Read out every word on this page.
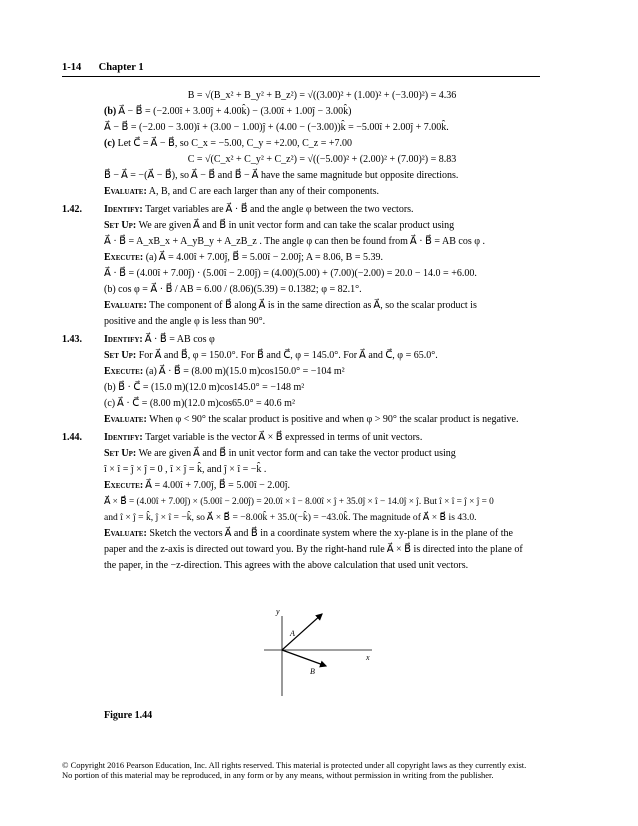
1-14 Chapter 1
B = √(B_x² + B_y² + B_z²) = √((3.00)² + (1.00)² + (−3.00)²) = 4.36
(b) A⃗ − B⃗ = (−2.00î + 3.00ĵ + 4.00k̂) − (3.00î + 1.00ĵ − 3.00k̂)
A⃗ − B⃗ = (−2.00 − 3.00)î + (3.00 − 1.00)ĵ + (4.00 − (−3.00))k̂ = −5.00î + 2.00ĵ + 7.00k̂.
(c) Let C⃗ = A⃗ − B⃗, so C_x = −5.00, C_y = +2.00, C_z = +7.00
C = √(C_x² + C_y² + C_z²) = √((−5.00)² + (2.00)² + (7.00)²) = 8.83
B⃗ − A⃗ = −(A⃗ − B⃗), so A⃗ − B⃗ and B⃗ − A⃗ have the same magnitude but opposite directions.
Evaluate: A, B, and C are each larger than any of their components.
1.42. Identify: Target variables are A⃗ · B⃗ and the angle φ between the two vectors.
Set Up: We are given A⃗ and B⃗ in unit vector form and can take the scalar product using
A⃗ · B⃗ = A_xB_x + A_yB_y + A_zB_z . The angle φ can then be found from A⃗ · B⃗ = AB cos φ .
Execute: (a) A⃗ = 4.00î + 7.00ĵ, B⃗ = 5.00î − 2.00ĵ; A = 8.06, B = 5.39.
A⃗ · B⃗ = (4.00î + 7.00ĵ) · (5.00î − 2.00ĵ) = (4.00)(5.00) + (7.00)(−2.00) = 20.0 − 14.0 = +6.00.
(b) cos φ = A⃗ · B⃗ / AB = 6.00 / (8.06)(5.39) = 0.1382; φ = 82.1°.
Evaluate: The component of B⃗ along A⃗ is in the same direction as A⃗, so the scalar product is
positive and the angle φ is less than 90°.
1.43. Identify: A⃗ · B⃗ = AB cos φ
Set Up: For A⃗ and B⃗, φ = 150.0°. For B⃗ and C⃗, φ = 145.0°. For A⃗ and C⃗, φ = 65.0°.
Execute: (a) A⃗ · B⃗ = (8.00 m)(15.0 m)cos150.0° = −104 m²
(b) B⃗ · C⃗ = (15.0 m)(12.0 m)cos145.0° = −148 m²
(c) A⃗ · C⃗ = (8.00 m)(12.0 m)cos65.0° = 40.6 m²
Evaluate: When φ < 90° the scalar product is positive and when φ > 90° the scalar product is negative.
1.44. Identify: Target variable is the vector A⃗ × B⃗ expressed in terms of unit vectors.
Set Up: We are given A⃗ and B⃗ in unit vector form and can take the vector product using
î × î = ĵ × ĵ = 0 , î × ĵ = k̂, and ĵ × î = −k̂ .
Execute: A⃗ = 4.00î + 7.00ĵ, B⃗ = 5.00î − 2.00ĵ.
A⃗ × B⃗ = (4.00î + 7.00ĵ) × (5.00î − 2.00ĵ) = 20.0î × î − 8.00î × ĵ + 35.0ĵ × î − 14.0ĵ × ĵ. But î × î = ĵ × ĵ = 0
and î × ĵ = k̂, ĵ × î = −k̂, so A⃗ × B⃗ = −8.00k̂ + 35.0(−k̂) = −43.0k̂. The magnitude of A⃗ × B⃗ is 43.0.
Evaluate: Sketch the vectors A⃗ and B⃗ in a coordinate system where the xy-plane is in the plane of the
paper and the z-axis is directed out toward you. By the right-hand rule A⃗ × B⃗ is directed into the plane of
the paper, in the −z-direction. This agrees with the above calculation that used unit vectors.
y
x
A
B
Figure 1.44
© Copyright 2016 Pearson Education, Inc. All rights reserved. This material is protected under all copyright laws as they currently exist.
No portion of this material may be reproduced, in any form or by any means, without permission in writing from the publisher.
